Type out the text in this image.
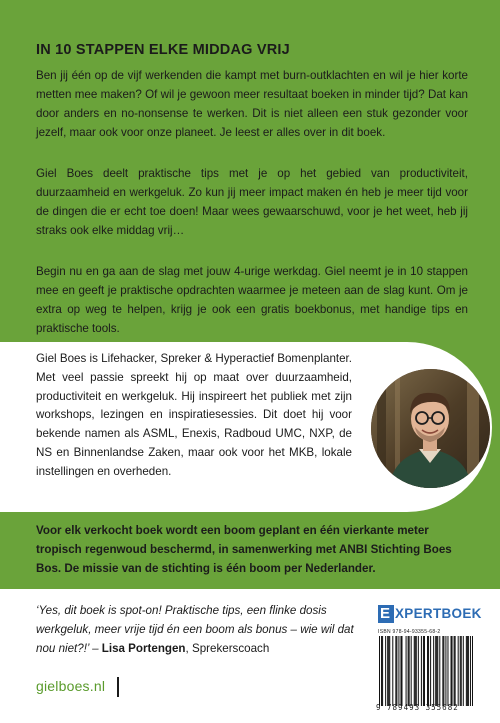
IN 10 STAPPEN ELKE MIDDAG VRIJ

Ben jij één op de vijf werkenden die kampt met burn-outklachten en wil je hier korte metten mee maken? Of wil je gewoon meer resultaat boeken in minder tijd? Dat kan door anders en no-nonsense te werken. Dit is niet alleen een stuk gezonder voor jezelf, maar ook voor onze planeet. Je leest er alles over in dit boek.

Giel Boes deelt praktische tips met je op het gebied van productiviteit, duurzaamheid en werkgeluk. Zo kun jij meer impact maken én heb je meer tijd voor de dingen die er echt toe doen! Maar wees gewaarschuwd, voor je het weet, heb jij straks ook elke middag vrij…

Begin nu en ga aan de slag met jouw 4-urige werkdag. Giel neemt je in 10 stappen mee en geeft je praktische opdrachten waarmee je meteen aan de slag kunt. Om je extra op weg te helpen, krijg je ook een gratis boekbonus, met handige tips en praktische tools.

Giel Boes is Lifehacker, Spreker & Hyperactief Bomenplanter. Met veel passie spreekt hij op maat over duurzaamheid, productiviteit en werkgeluk. Hij inspireert het publiek met zijn workshops, lezingen en inspiratiesessies. Dit doet hij voor bekende namen als ASML, Enexis, Radboud UMC, NXP, de NS en Binnenlandse Zaken, maar ook voor het MKB, lokale instellingen en overheden.

Voor elk verkocht boek wordt een boom geplant en één vierkante meter tropisch regenwoud beschermd, in samenwerking met ANBI Stichting Boes Bos. De missie van de stichting is één boom per Nederlander.

‘Yes, dit boek is spot-on! Praktische tips, een flinke dosis werkgeluk, meer vrije tijd én een boom als bonus – wie wil dat nou niet?!’ – Lisa Portengen, Sprekerscoach

gielboes.nl

E XPERTBOEK

ISBN 978-94-93355-68-2

9 789493 355682
